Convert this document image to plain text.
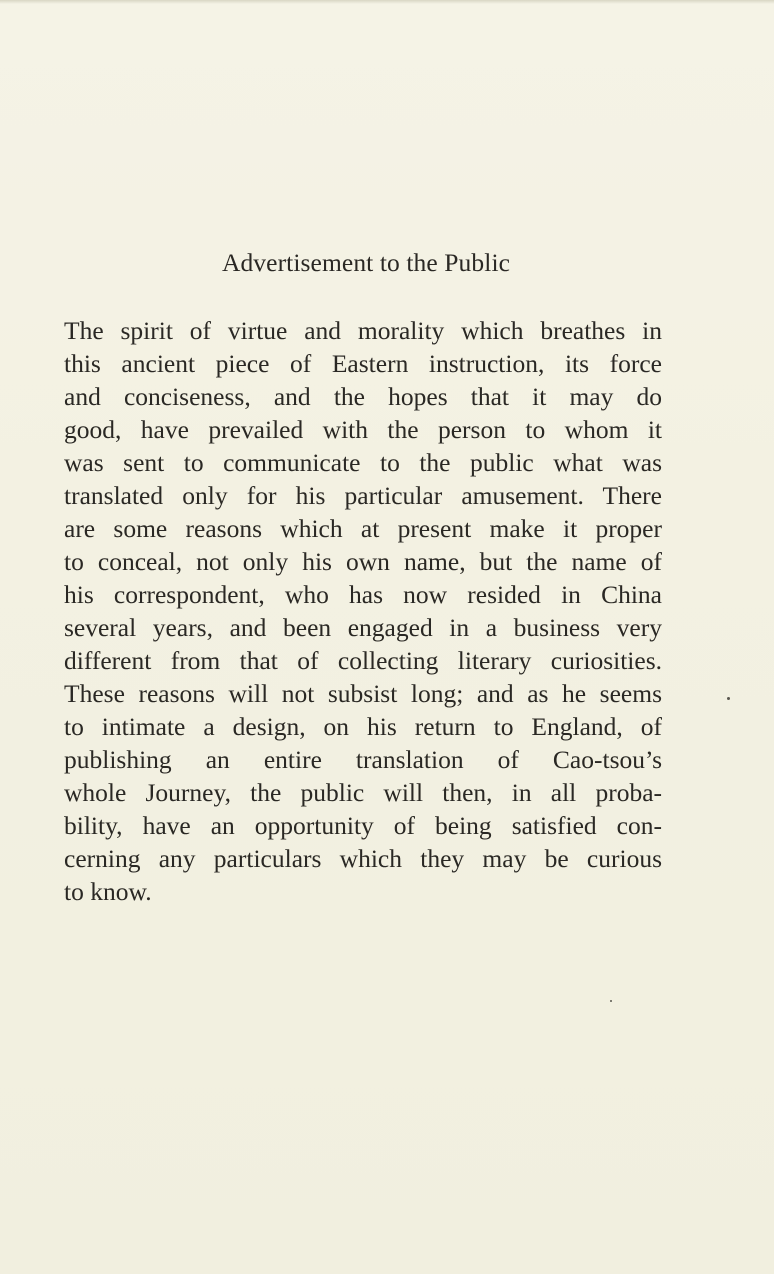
Advertisement to the Public
The spirit of virtue and morality which breathes in
this ancient piece of Eastern instruction, its force
and conciseness, and the hopes that it may do
good, have prevailed with the person to whom it
was sent to communicate to the public what was
translated only for his particular amusement. There
are some reasons which at present make it proper
to conceal, not only his own name, but the name of
his correspondent, who has now resided in China
several years, and been engaged in a business very
different from that of collecting literary curiosities.
These reasons will not subsist long; and as he seems
to intimate a design, on his return to England, of
publishing an entire translation of Cao-tsou’s
whole Journey, the public will then, in all proba-
bility, have an opportunity of being satisfied con-
cerning any particulars which they may be curious
to know.
